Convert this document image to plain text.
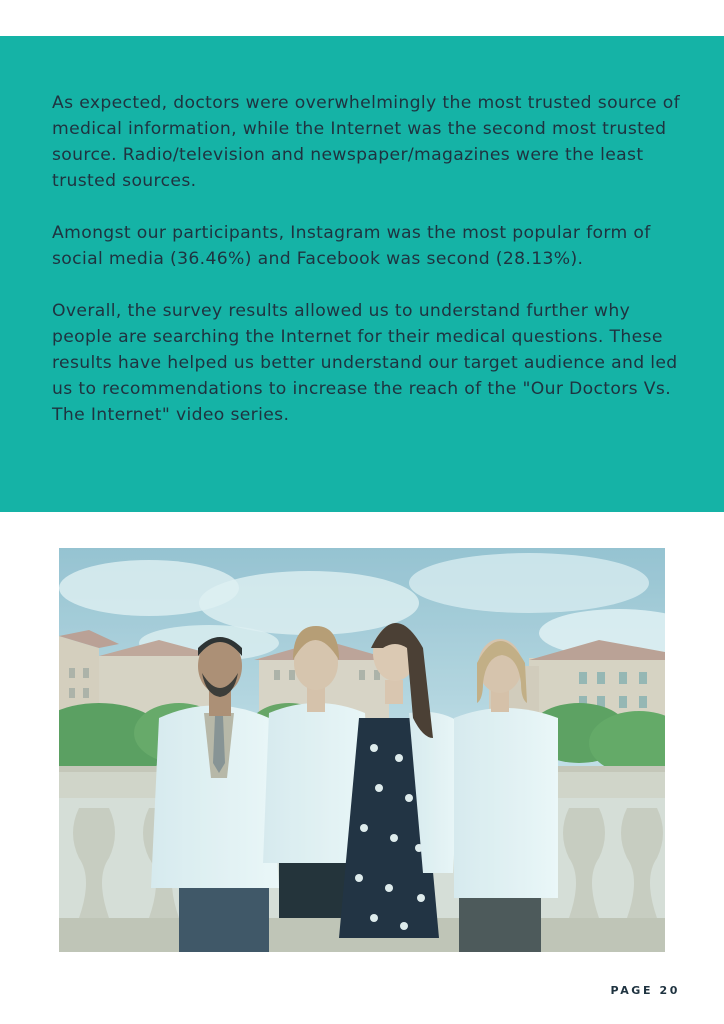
As expected, doctors were overwhelmingly the most trusted source of medical information, while the Internet was the second most trusted source. Radio/television and newspaper/magazines were the least trusted sources.

Amongst our participants, Instagram was the most popular form of social media (36.46%) and Facebook was second (28.13%).

Overall, the survey results allowed us to understand further why people are searching the Internet for their medical questions. These results have helped us better understand our target audience and led us to recommendations to increase the reach of the "Our Doctors Vs. The Internet" video series.

PAGE 20
